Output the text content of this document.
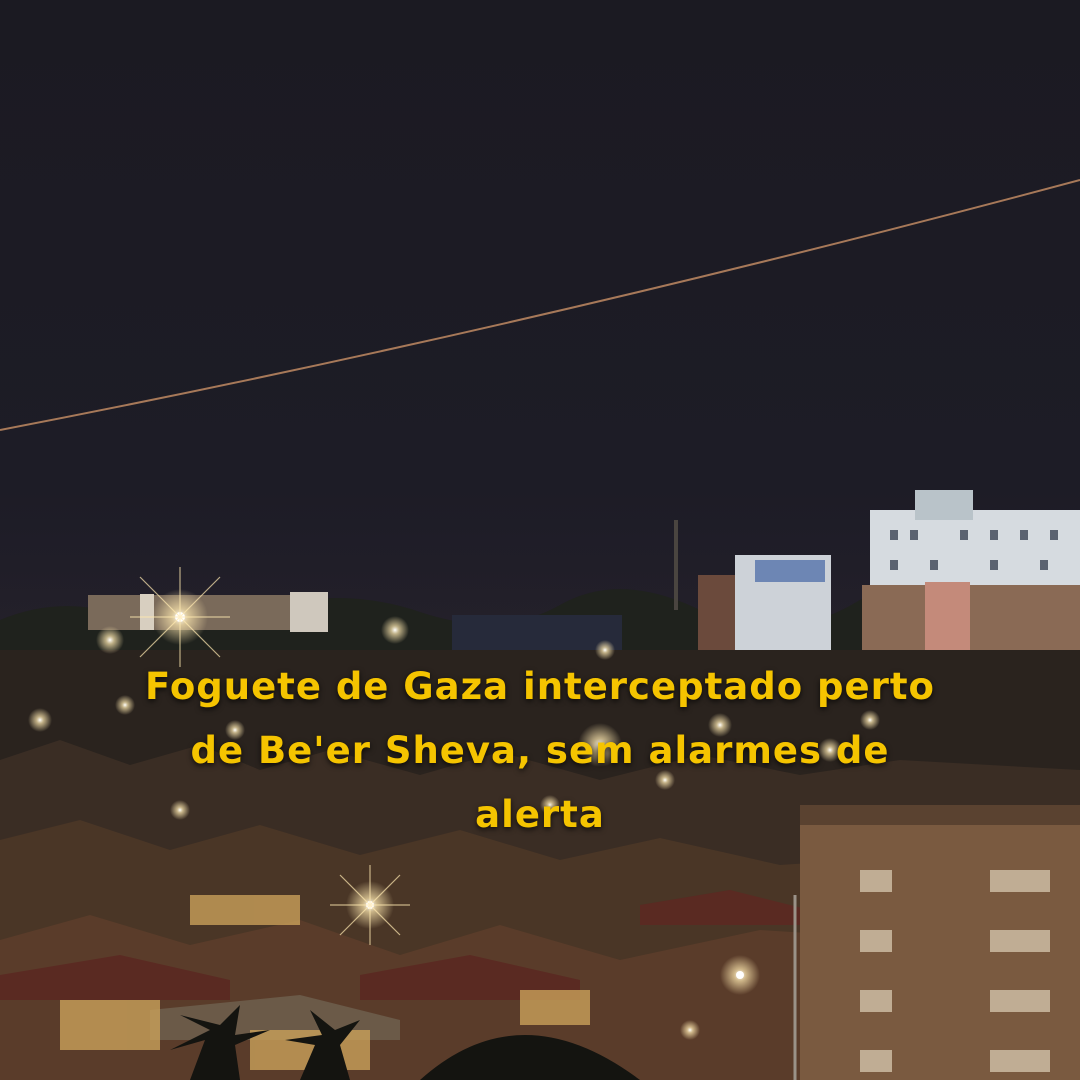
Foguete de Gaza interceptado perto de Be'er Sheva, sem alarmes de alerta
